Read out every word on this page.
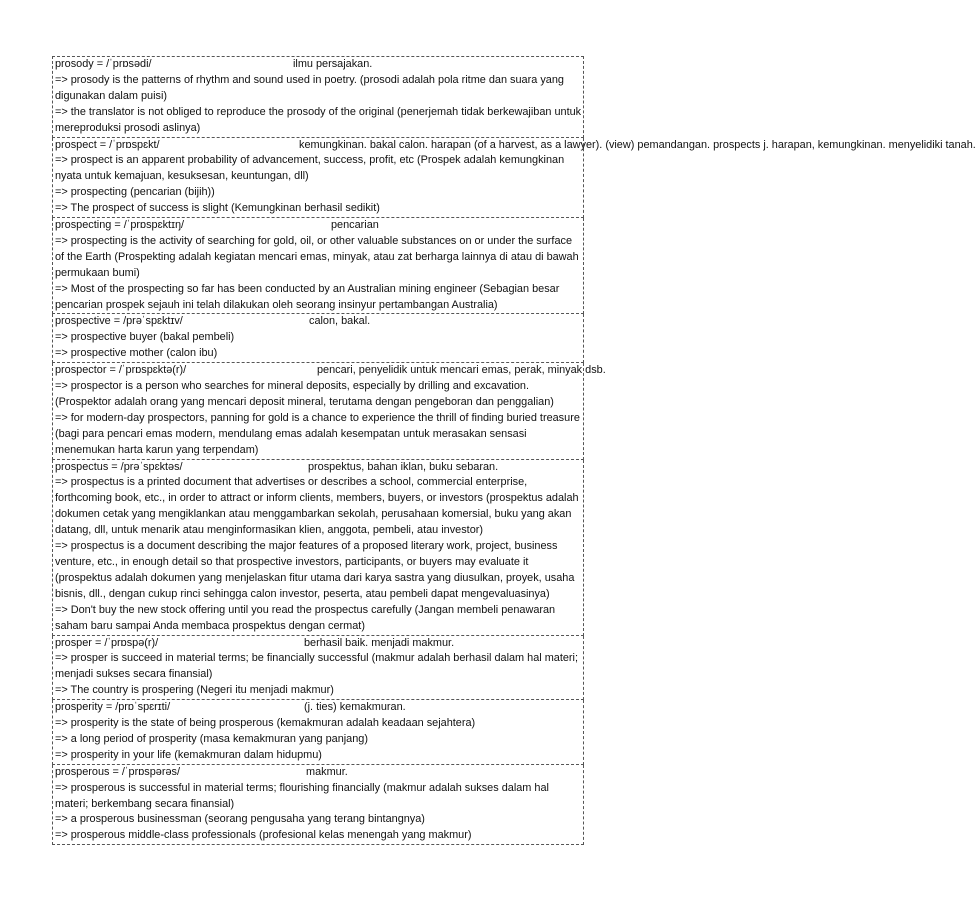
prosody = /ˈprɒsədi/	ilmu persajakan.
=> prosody is the patterns of rhythm and sound used in poetry. (prosodi adalah pola ritme dan suara yang digunakan dalam puisi)
=> the translator is not obliged to reproduce the prosody of the original (penerjemah tidak berkewajiban untuk mereproduksi prosodi aslinya)
prospect = /ˈprɒspɛkt/	kemungkinan. bakal calon. harapan (of a harvest, as a lawyer). (view) pemandangan. prospects j. harapan, kemungkinan. menyelidiki tanah.
=> prospect is an apparent probability of advancement, success, profit, etc (Prospek adalah kemungkinan nyata untuk kemajuan, kesuksesan, keuntungan, dll)
=> prospecting (pencarian (bijih))
=> The prospect of success is slight (Kemungkinan berhasil sedikit)
prospecting = /ˈprɒspɛktɪŋ/	pencarian
=> prospecting is the activity of searching for gold, oil, or other valuable substances on or under the surface of the Earth (Prospekting adalah kegiatan mencari emas, minyak, atau zat berharga lainnya di atau di bawah permukaan bumi)
=> Most of the prospecting so far has been conducted by an Australian mining engineer (Sebagian besar pencarian prospek sejauh ini telah dilakukan oleh seorang insinyur pertambangan Australia)
prospective = /prəˈspɛktɪv/	calon, bakal.
=> prospective buyer (bakal pembeli)
=> prospective mother (calon ibu)
prospector = /ˈprɒspɛktə(r)/	pencari, penyelidik untuk mencari emas, perak, minyak dsb.
=> prospector is a person who searches for mineral deposits, especially by drilling and excavation. (Prospektor adalah orang yang mencari deposit mineral, terutama dengan pengeboran dan penggalian)
=> for modern-day prospectors, panning for gold is a chance to experience the thrill of finding buried treasure (bagi para pencari emas modern, mendulang emas adalah kesempatan untuk merasakan sensasi menemukan harta karun yang terpendam)
prospectus = /prəˈspɛktəs/	prospektus, bahan iklan, buku sebaran.
=> prospectus is a printed document that advertises or describes a school, commercial enterprise, forthcoming book, etc., in order to attract or inform clients, members, buyers, or investors (prospektus adalah dokumen cetak yang mengiklankan atau menggambarkan sekolah, perusahaan komersial, buku yang akan datang, dll, untuk menarik atau menginformasikan klien, anggota, pembeli, atau investor)
=> prospectus is a document describing the major features of a proposed literary work, project, business venture, etc., in enough detail so that prospective investors, participants, or buyers may evaluate it (prospektus adalah dokumen yang menjelaskan fitur utama dari karya sastra yang diusulkan, proyek, usaha bisnis, dll., dengan cukup rinci sehingga calon investor, peserta, atau pembeli dapat mengevaluasinya)
=> Don't buy the new stock offering until you read the prospectus carefully (Jangan membeli penawaran saham baru sampai Anda membaca prospektus dengan cermat)
prosper = /ˈprɒspə(r)/	berhasil baik. menjadi makmur.
=> prosper is succeed in material terms; be financially successful (makmur adalah berhasil dalam hal materi; menjadi sukses secara finansial)
=> The country is prospering (Negeri itu menjadi makmur)
prosperity = /prɒˈspɛrɪti/	(j. ties) kemakmuran.
=> prosperity is the state of being prosperous (kemakmuran adalah keadaan sejahtera)
=> a long period of prosperity (masa kemakmuran yang panjang)
=> prosperity in your life (kemakmuran dalam hidupmu)
prosperous = /ˈprɒspərəs/	makmur.
=> prosperous is successful in material terms; flourishing financially (makmur adalah sukses dalam hal materi; berkembang secara finansial)
=> a prosperous businessman (seorang pengusaha yang terang bintangnya)
=> prosperous middle-class professionals (profesional kelas menengah yang makmur)
